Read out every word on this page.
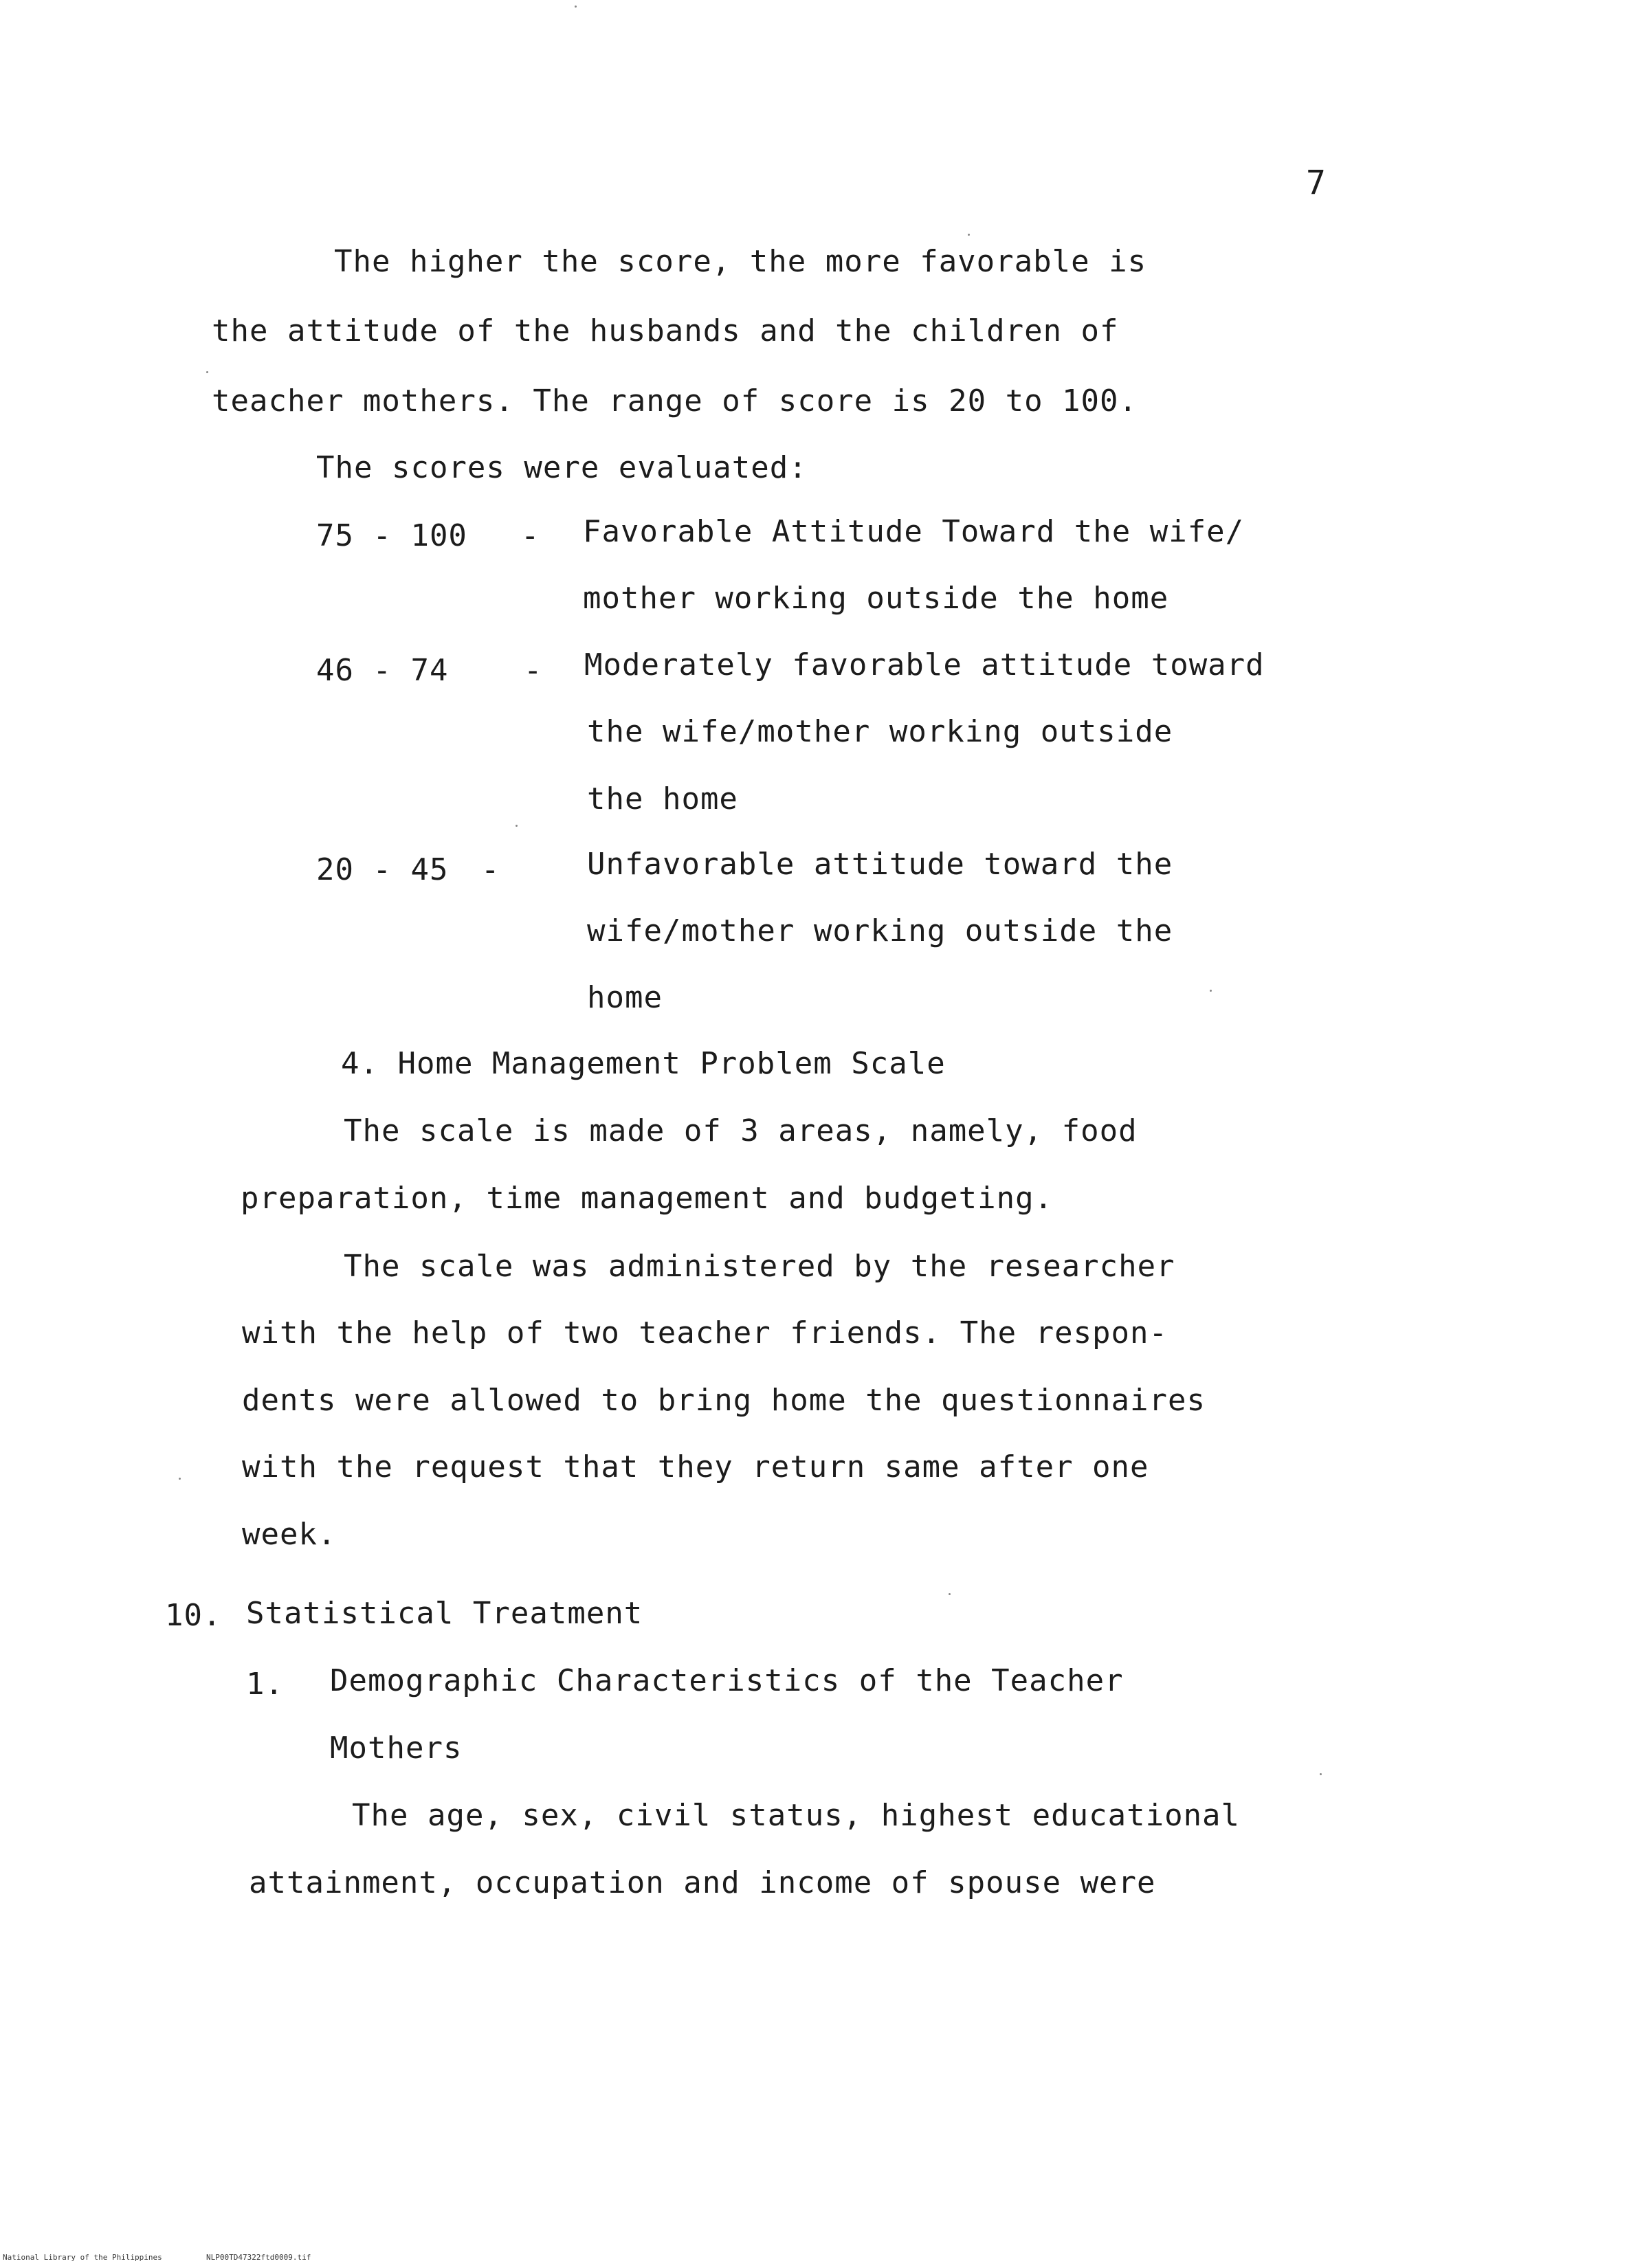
7
The higher the score, the more favorable is
the attitude of the husbands and the children of
teacher mothers. The range of score is 20 to 100.
The scores were evaluated:
75 - 100 - Favorable Attitude Toward the wife/
mother working outside the home
46 - 74 - Moderately favorable attitude toward
the wife/mother working outside
the home
20 - 45 -	Unfavorable attitude toward the
wife/mother working outside the
home
4. Home Management Problem Scale
The scale is made of 3 areas, namely, food
preparation, time management and budgeting.
The scale was administered by the researcher
with the help of two teacher friends. The respon-
dents were allowed to bring home the questionnaires
with the request that they return same after one
week.
10. Statistical Treatment
1. Demographic Characteristics of the Teacher
Mothers
The age, sex, civil status, highest educational
attainment, occupation and income of spouse were
National Library of the Philippines	NLP00TD47322ftd0009.tif
